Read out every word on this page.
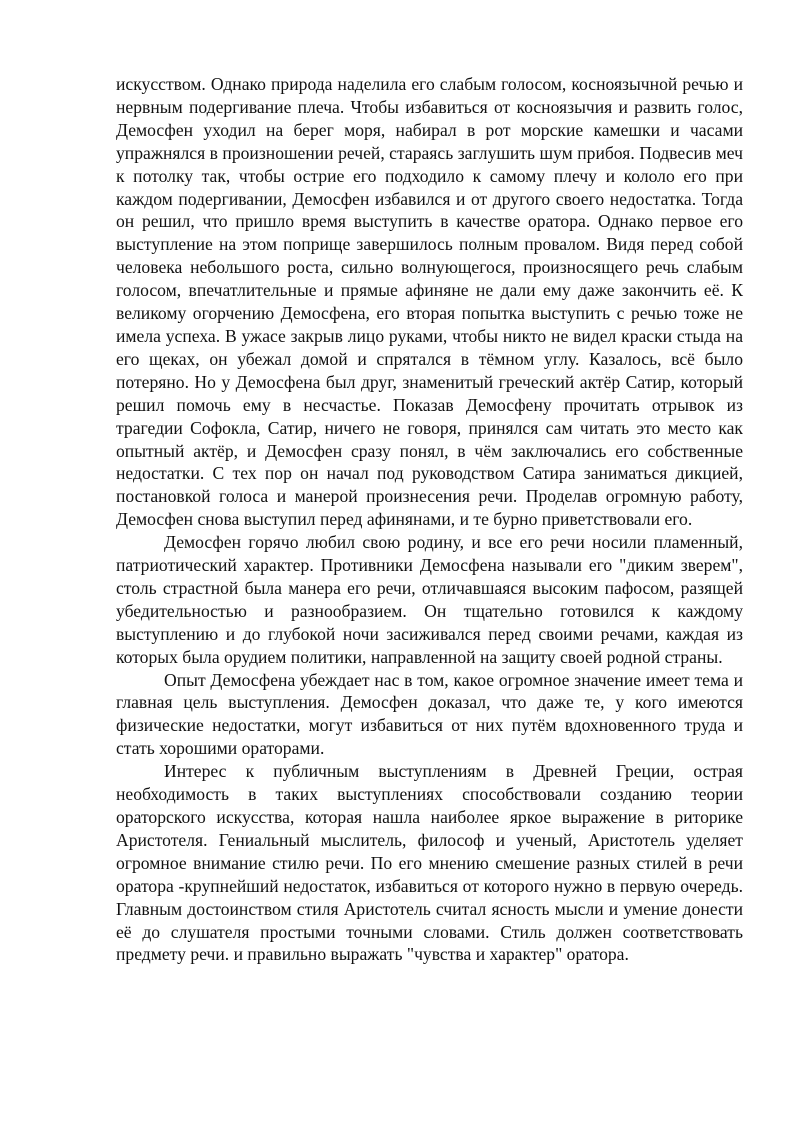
искусством. Однако природа наделила его слабым голосом, косноязычной речью и нервным подергивание плеча. Чтобы избавиться от косноязычия и развить голос, Демосфен уходил на берег моря, набирал в рот морские камешки и часами упражнялся в произношении речей, стараясь заглушить шум прибоя. Подвесив меч к потолку так, чтобы острие его подходило к самому плечу и кололо его при каждом подергивании, Демосфен избавился и от другого своего недостатка. Тогда он решил, что пришло время выступить в качестве оратора. Однако первое его выступление на этом поприще завершилось полным провалом. Видя перед собой человека небольшого роста, сильно волнующегося, произносящего речь слабым голосом, впечатлительные и прямые афиняне не дали ему даже закончить её. К великому огорчению Демосфена, его вторая попытка выступить с речью тоже не имела успеха. В ужасе закрыв лицо руками, чтобы никто не видел краски стыда на его щеках, он убежал домой и спрятался в тёмном углу. Казалось, всё было потеряно. Но у Демосфена был друг, знаменитый греческий актёр Сатир, который решил помочь ему в несчастье. Показав Демосфену прочитать отрывок из трагедии Софокла, Сатир, ничего не говоря, принялся сам читать это место как опытный актёр, и Демосфен сразу понял, в чём заключались его собственные недостатки. С тех пор он начал под руководством Сатира заниматься дикцией, постановкой голоса и манерой произнесения речи. Проделав огромную работу, Демосфен снова выступил перед афинянами, и те бурно приветствовали его.

Демосфен горячо любил свою родину, и все его речи носили пламенный, патриотический характер. Противники Демосфена называли его "диким зверем", столь страстной была манера его речи, отличавшаяся высоким пафосом, разящей убедительностью и разнообразием. Он тщательно готовился к каждому выступлению и до глубокой ночи засиживался перед своими речами, каждая из которых была орудием политики, направленной на защиту своей родной страны.

Опыт Демосфена убеждает нас в том, какое огромное значение имеет тема и главная цель выступления. Демосфен доказал, что даже те, у кого имеются физические недостатки, могут избавиться от них путём вдохновенного труда и стать хорошими ораторами.

Интерес к публичным выступлениям в Древней Греции, острая необходимость в таких выступлениях способствовали созданию теории ораторского искусства, которая нашла наиболее яркое выражение в риторике Аристотеля. Гениальный мыслитель, философ и ученый, Аристотель уделяет огромное внимание стилю речи. По его мнению смешение разных стилей в речи оратора -крупнейший недостаток, избавиться от которого нужно в первую очередь. Главным достоинством стиля Аристотель считал ясность мысли и умение донести её до слушателя простыми точными словами. Стиль должен соответствовать предмету речи. и правильно выражать "чувства и характер" оратора.
